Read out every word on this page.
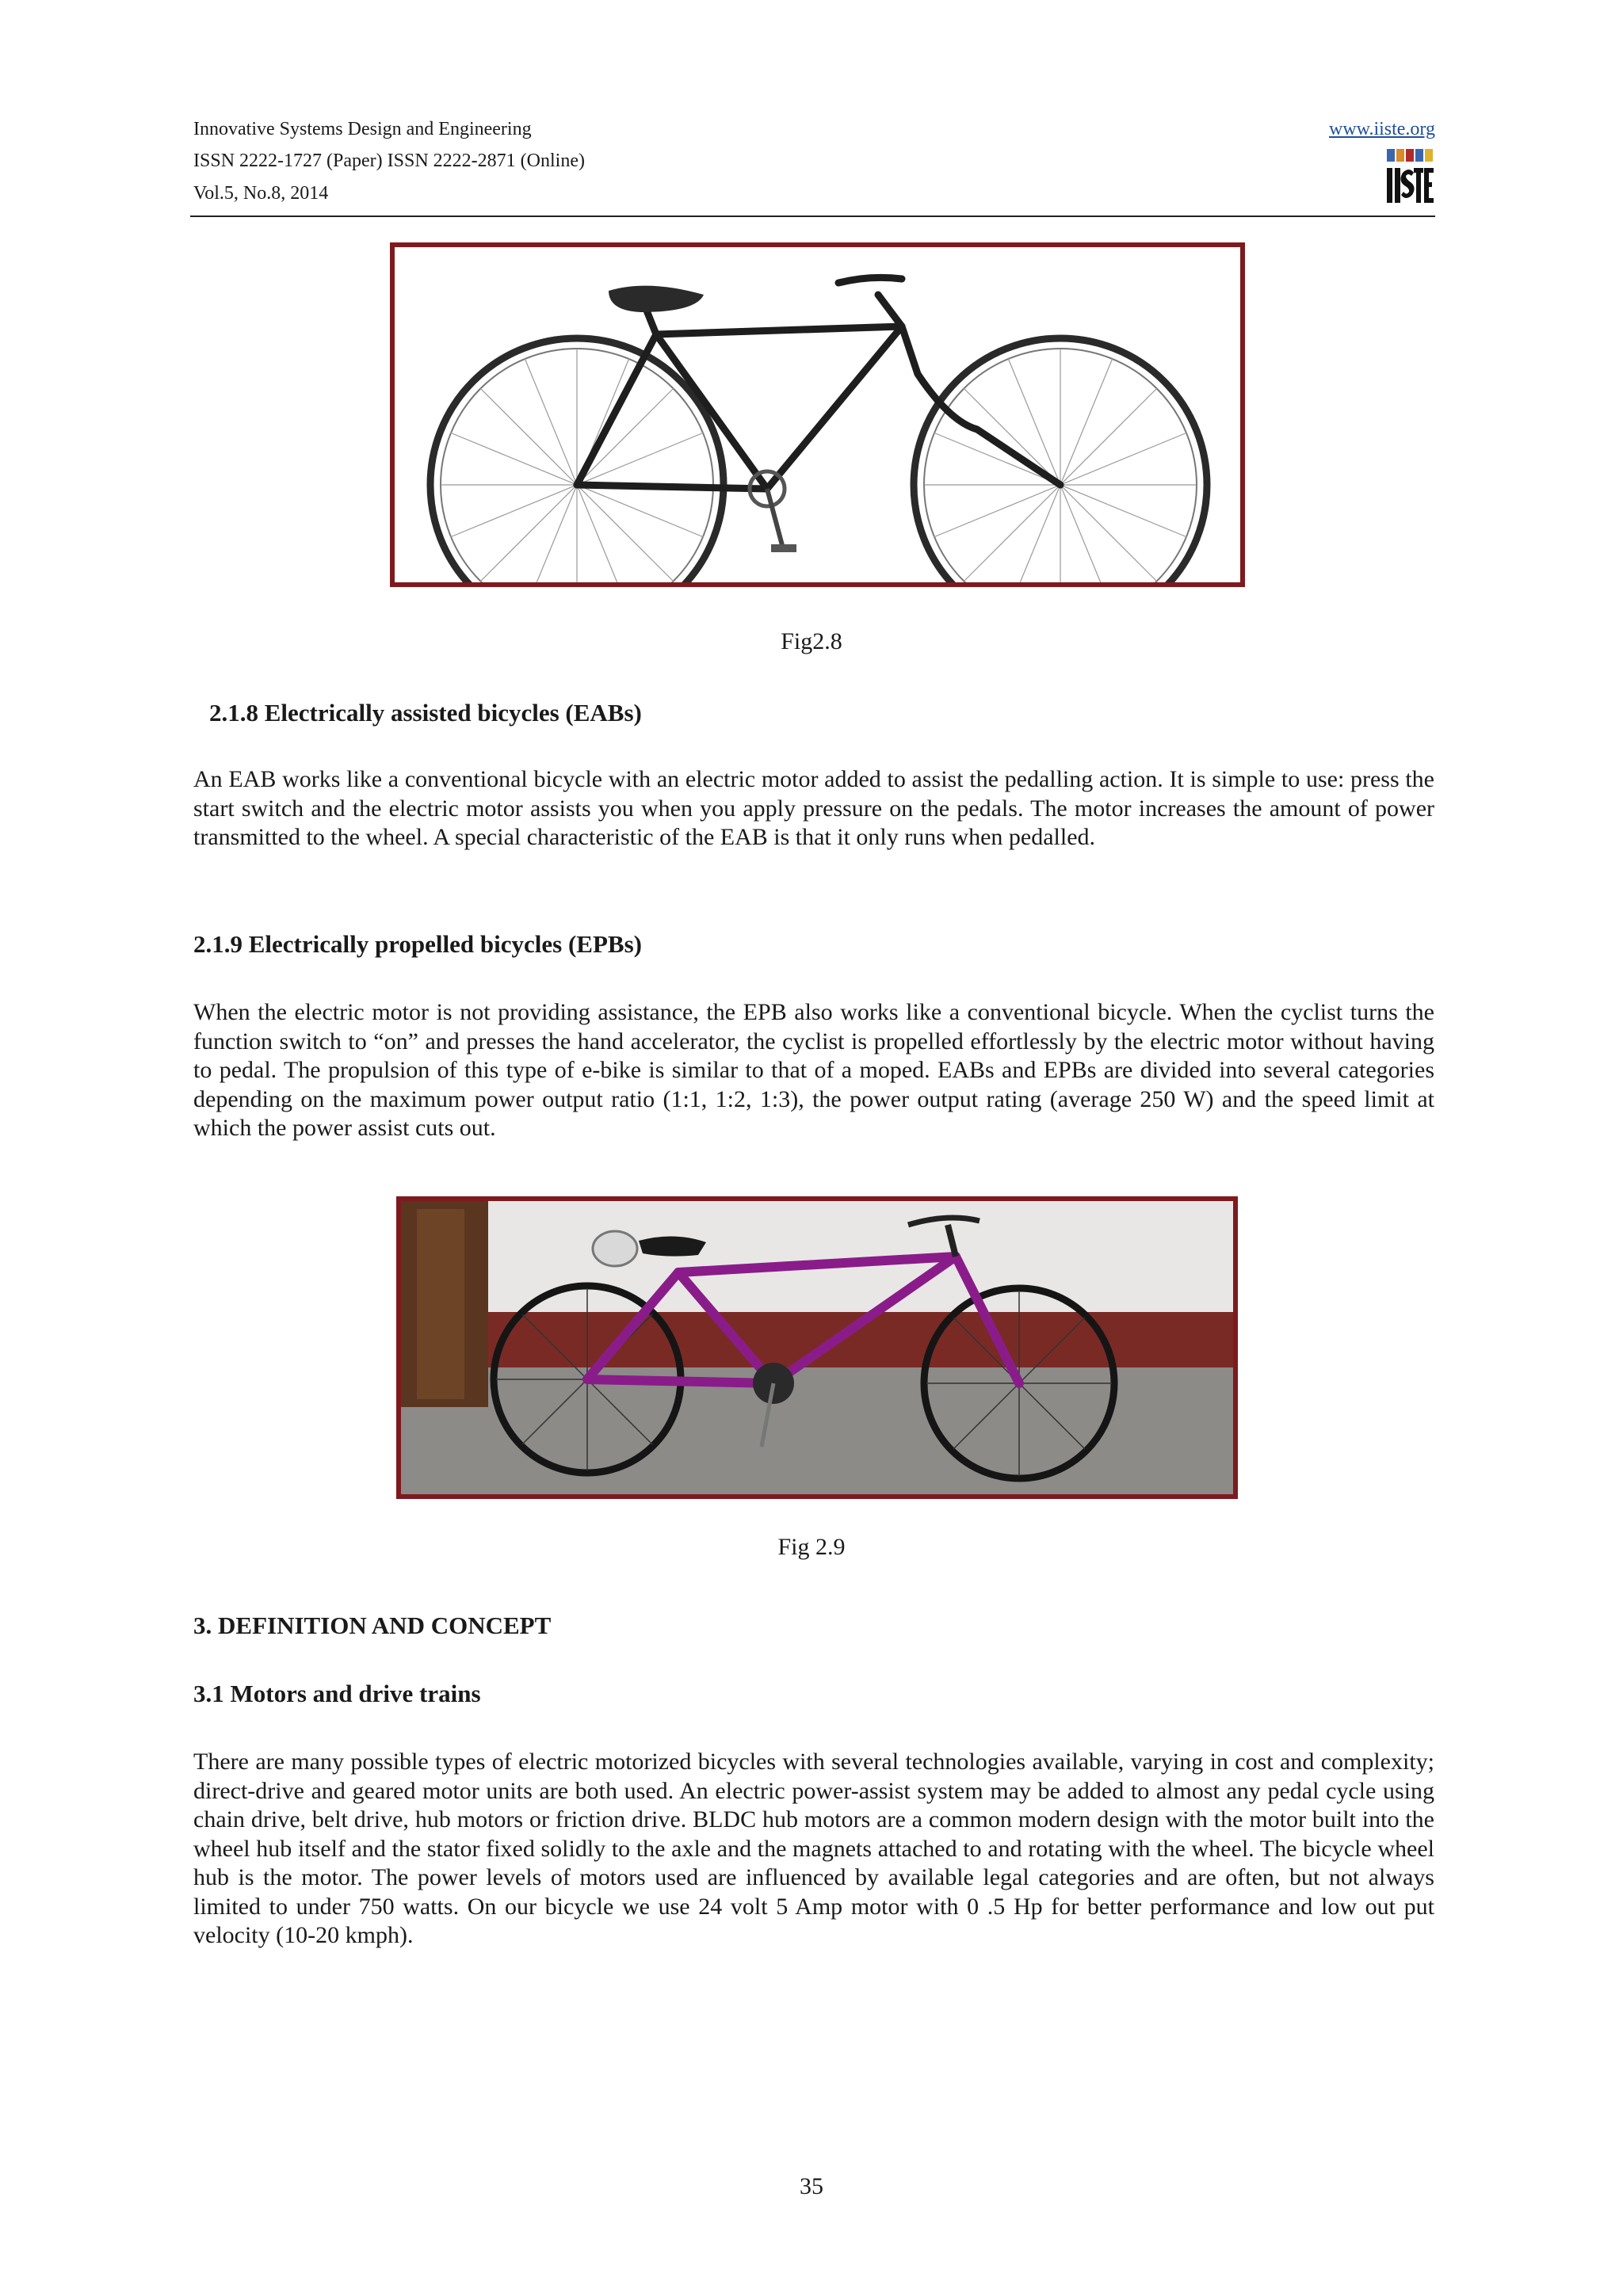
Innovative Systems Design and Engineering
ISSN 2222-1727 (Paper) ISSN 2222-2871 (Online)
Vol.5, No.8, 2014
www.iiste.org
Fig2.8
2.1.8 Electrically assisted bicycles (EABs)
An EAB works like a conventional bicycle with an electric motor added to assist the pedalling action. It is simple to use: press the start switch and the electric motor assists you when you apply pressure on the pedals. The motor increases the amount of power transmitted to the wheel. A special characteristic of the EAB is that it only runs when pedalled.
2.1.9 Electrically propelled bicycles (EPBs)
When the electric motor is not providing assistance, the EPB also works like a conventional bicycle. When the cyclist turns the function switch to “on” and presses the hand accelerator, the cyclist is propelled effortlessly by the electric motor without having to pedal. The propulsion of this type of e-bike is similar to that of a moped. EABs and EPBs are divided into several categories depending on the maximum power output ratio (1:1, 1:2, 1:3), the power output rating (average 250 W) and the speed limit at which the power assist cuts out.
Fig 2.9
3. DEFINITION AND CONCEPT
3.1 Motors and drive trains
There are many possible types of electric motorized bicycles with several technologies available, varying in cost and complexity; direct-drive and geared motor units are both used. An electric power-assist system may be added to almost any pedal cycle using chain drive, belt drive, hub motors or friction drive. BLDC hub motors are a common modern design with the motor built into the wheel hub itself and the stator fixed solidly to the axle and the magnets attached to and rotating with the wheel. The bicycle wheel hub is the motor. The power levels of motors used are influenced by available legal categories and are often, but not always limited to under 750 watts. On our bicycle we use 24 volt 5 Amp motor with 0 .5 Hp for better performance and low out put velocity (10-20 kmph).
35
